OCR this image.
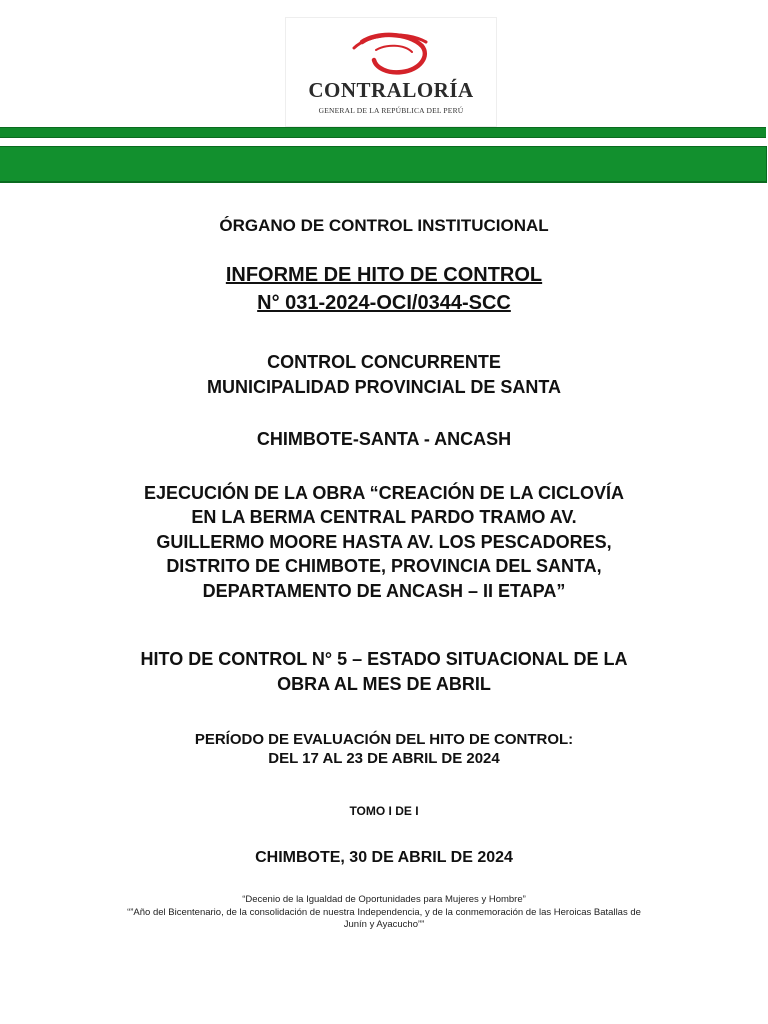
CONTRALORÍA
GENERAL DE LA REPÚBLICA DEL PERÚ

ÓRGANO DE CONTROL INSTITUCIONAL

INFORME DE HITO DE CONTROL

N° 031-2024-OCI/0344-SCC

CONTROL CONCURRENTE

MUNICIPALIDAD PROVINCIAL DE SANTA

CHIMBOTE-SANTA - ANCASH

EJECUCIÓN DE LA OBRA “CREACIÓN DE LA CICLOVÍA

EN LA BERMA CENTRAL PARDO TRAMO AV.

GUILLERMO MOORE HASTA AV. LOS PESCADORES,

DISTRITO DE CHIMBOTE, PROVINCIA DEL SANTA,

DEPARTAMENTO DE ANCASH – II ETAPA”

HITO DE CONTROL N° 5 – ESTADO SITUACIONAL DE LA

OBRA AL MES DE ABRIL

PERÍODO DE EVALUACIÓN DEL HITO DE CONTROL:

DEL 17 AL 23 DE ABRIL DE 2024

TOMO I DE I

CHIMBOTE, 30 DE ABRIL DE 2024

“Decenio de la Igualdad de Oportunidades para Mujeres y Hombre”

“”Año del Bicentenario, de la consolidación de nuestra Independencia, y de la conmemoración de las Heroicas Batallas de

Junín y Ayacucho””
